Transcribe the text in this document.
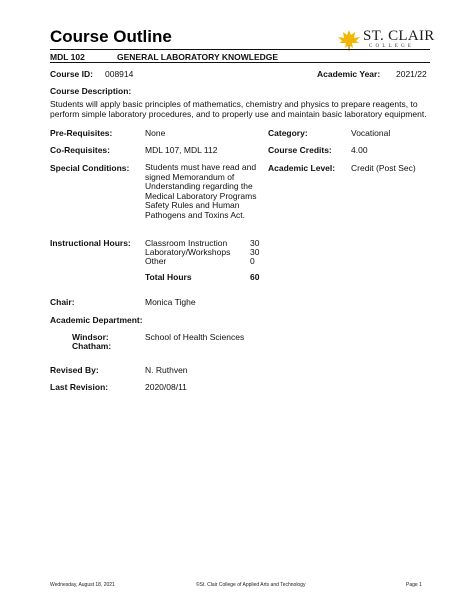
Course Outline	ST. CLAIR
COLLEGE
MDL 102	GENERAL LABORATORY KNOWLEDGE
Course ID: 008914	Academic Year: 2021/22
Course Description:
Students will apply basic principles of mathematics, chemistry and physics to prepare reagents, to perform simple laboratory procedures, and to properly use and maintain basic laboratory equipment.
Pre-Requisites:	None	Category:	Vocational
Co-Requisites:	MDL 107, MDL 112	Course Credits: 4.00
Special Conditions: Students must have read and signed Memorandum of Understanding regarding the Medical Laboratory Programs Safety Rules and Human Pathogens and Toxins Act.
Academic Level: Credit (Post Sec)
Instructional Hours: Classroom Instruction	30
Laboratory/Workshops 30
Other	0
Total Hours	60
Chair:	Monica Tighe
Academic Department:
Windsor:
Chatham:
School of Health Sciences
Revised By:	N. Ruthven
Last Revision:	2020/08/11
Wednesday, August 18, 2021	©St. Clair College of Applied Arts and Technology	Page 1
